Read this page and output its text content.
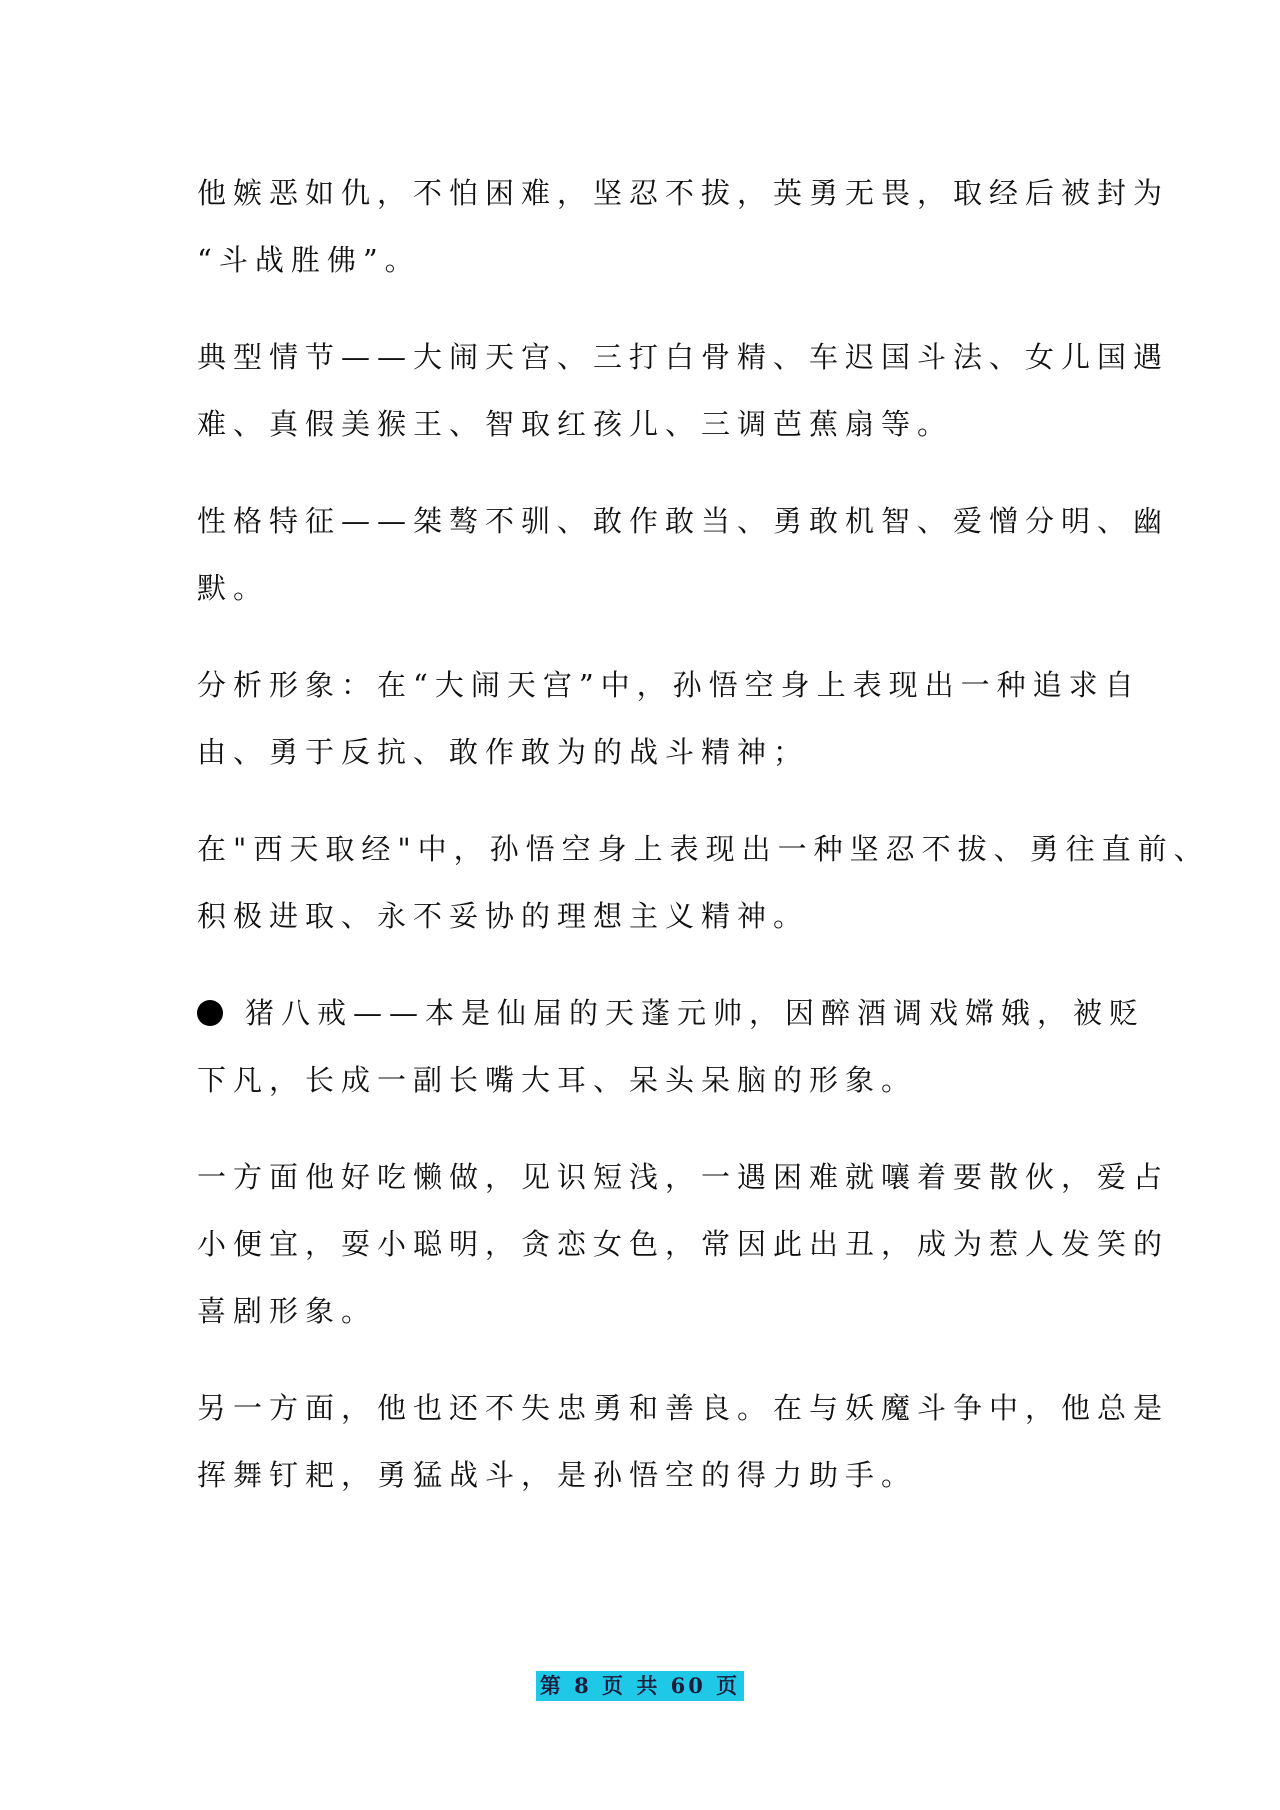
他嫉恶如仇，不怕困难，坚忍不拔，英勇无畏，取经后被封为
“斗战胜佛”。

典型情节——大闹天宫、三打白骨精、车迟国斗法、女儿国遇
难、真假美猴王、智取红孩儿、三调芭蕉扇等。

性格特征——桀骜不驯、敢作敢当、勇敢机智、爱憎分明、幽
默。

分析形象：在“大闹天宫”中，孙悟空身上表现出一种追求自
由、勇于反抗、敢作敢为的战斗精神；

在"西天取经"中，孙悟空身上表现出一种坚忍不拔、勇往直前、
积极进取、永不妥协的理想主义精神。

猪八戒——本是仙届的天蓬元帅，因醉酒调戏嫦娥，被贬
下凡，长成一副长嘴大耳、呆头呆脑的形象。

一方面他好吃懒做，见识短浅，一遇困难就嚷着要散伙，爱占
小便宜，耍小聪明，贪恋女色，常因此出丑，成为惹人发笑的
喜剧形象。

另一方面，他也还不失忠勇和善良。在与妖魔斗争中，他总是
挥舞钉耙，勇猛战斗，是孙悟空的得力助手。

第 8 页 共 60 页
